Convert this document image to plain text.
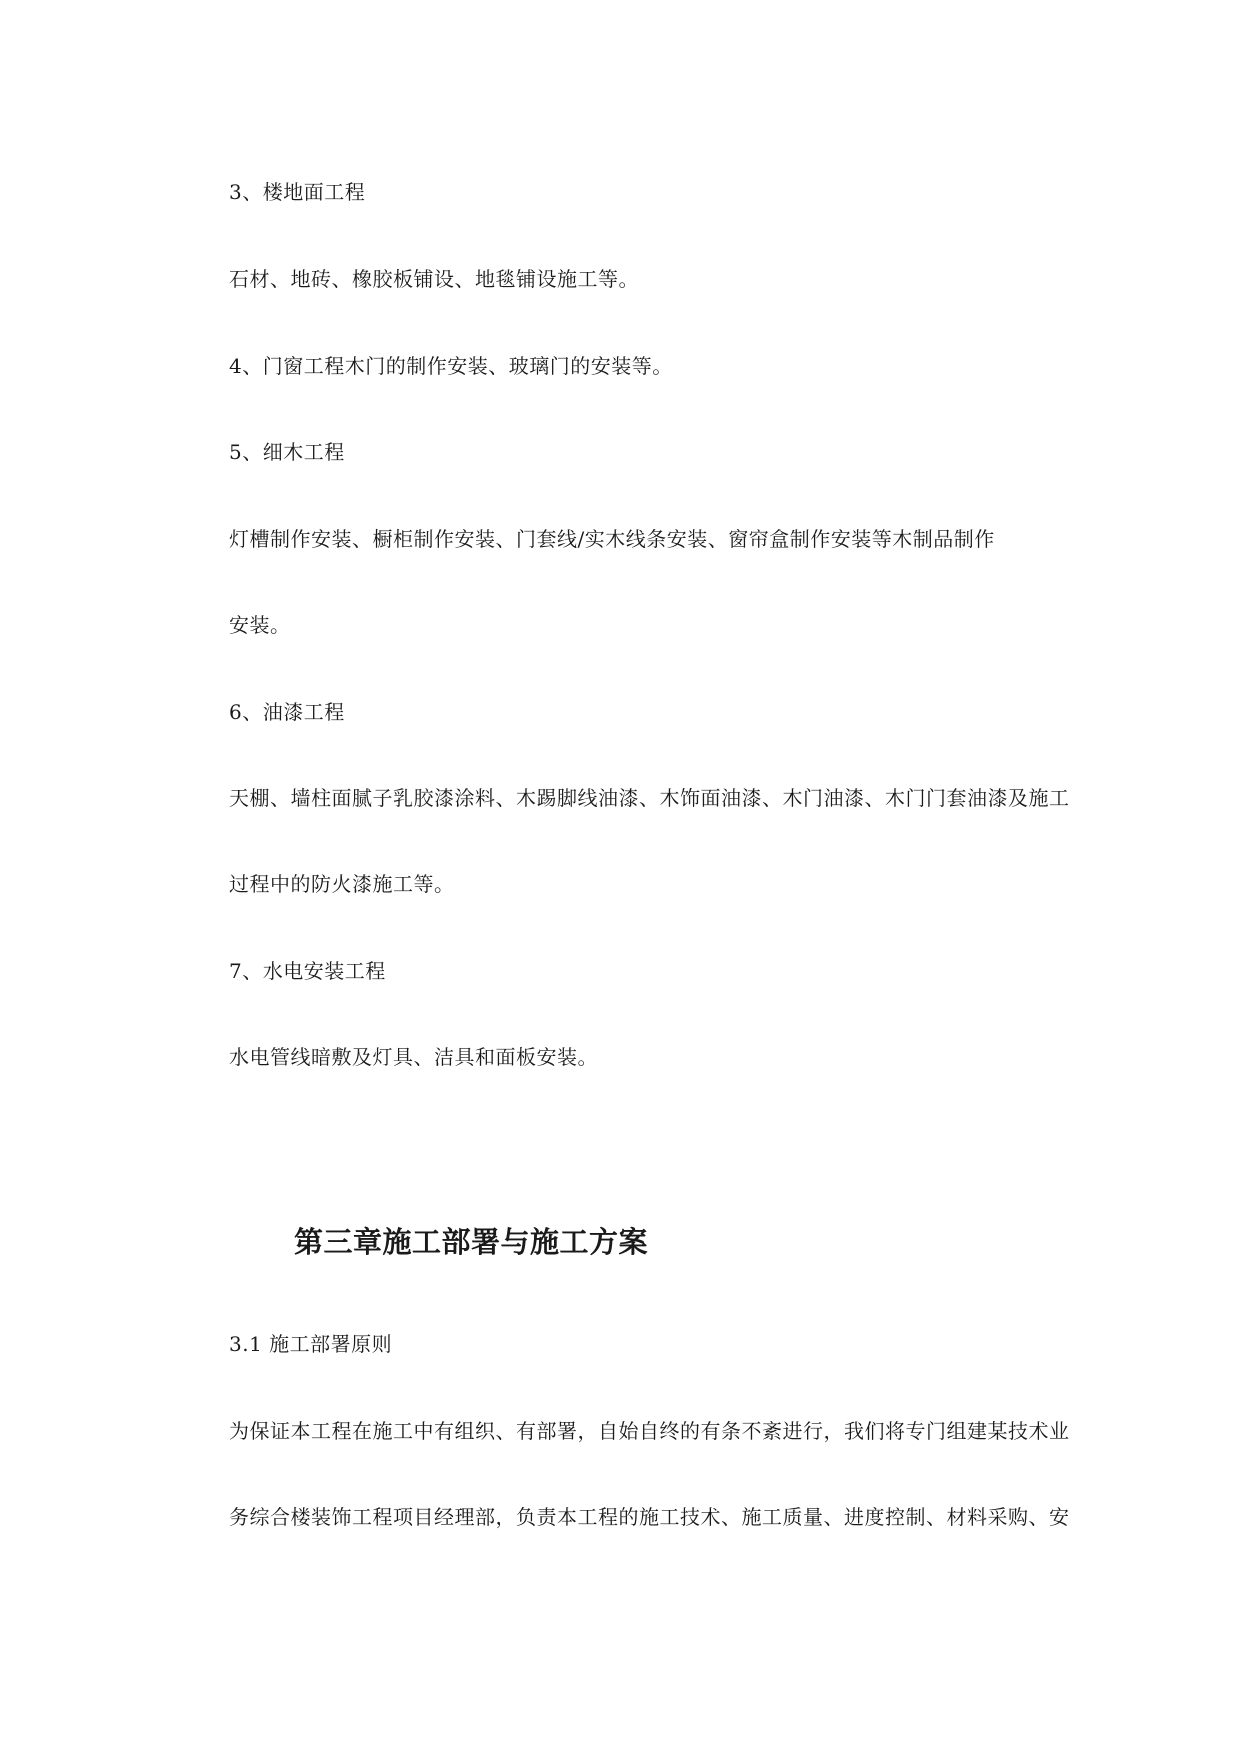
3、楼地面工程
石材、地砖、橡胶板铺设、地毯铺设施工等。
4、门窗工程木门的制作安装、玻璃门的安装等。
5、细木工程
灯槽制作安装、橱柜制作安装、门套线/实木线条安装、窗帘盒制作安装等木制品制作
安装。
6、油漆工程
天棚、墙柱面腻子乳胶漆涂料、木踢脚线油漆、木饰面油漆、木门油漆、木门门套油漆及施工
过程中的防火漆施工等。
7、水电安装工程
水电管线暗敷及灯具、洁具和面板安装。
第三章施工部署与施工方案
3.1 施工部署原则
为保证本工程在施工中有组织、有部署，自始自终的有条不紊进行，我们将专门组建某技术业
务综合楼装饰工程项目经理部，负责本工程的施工技术、施工质量、进度控制、材料采购、安
